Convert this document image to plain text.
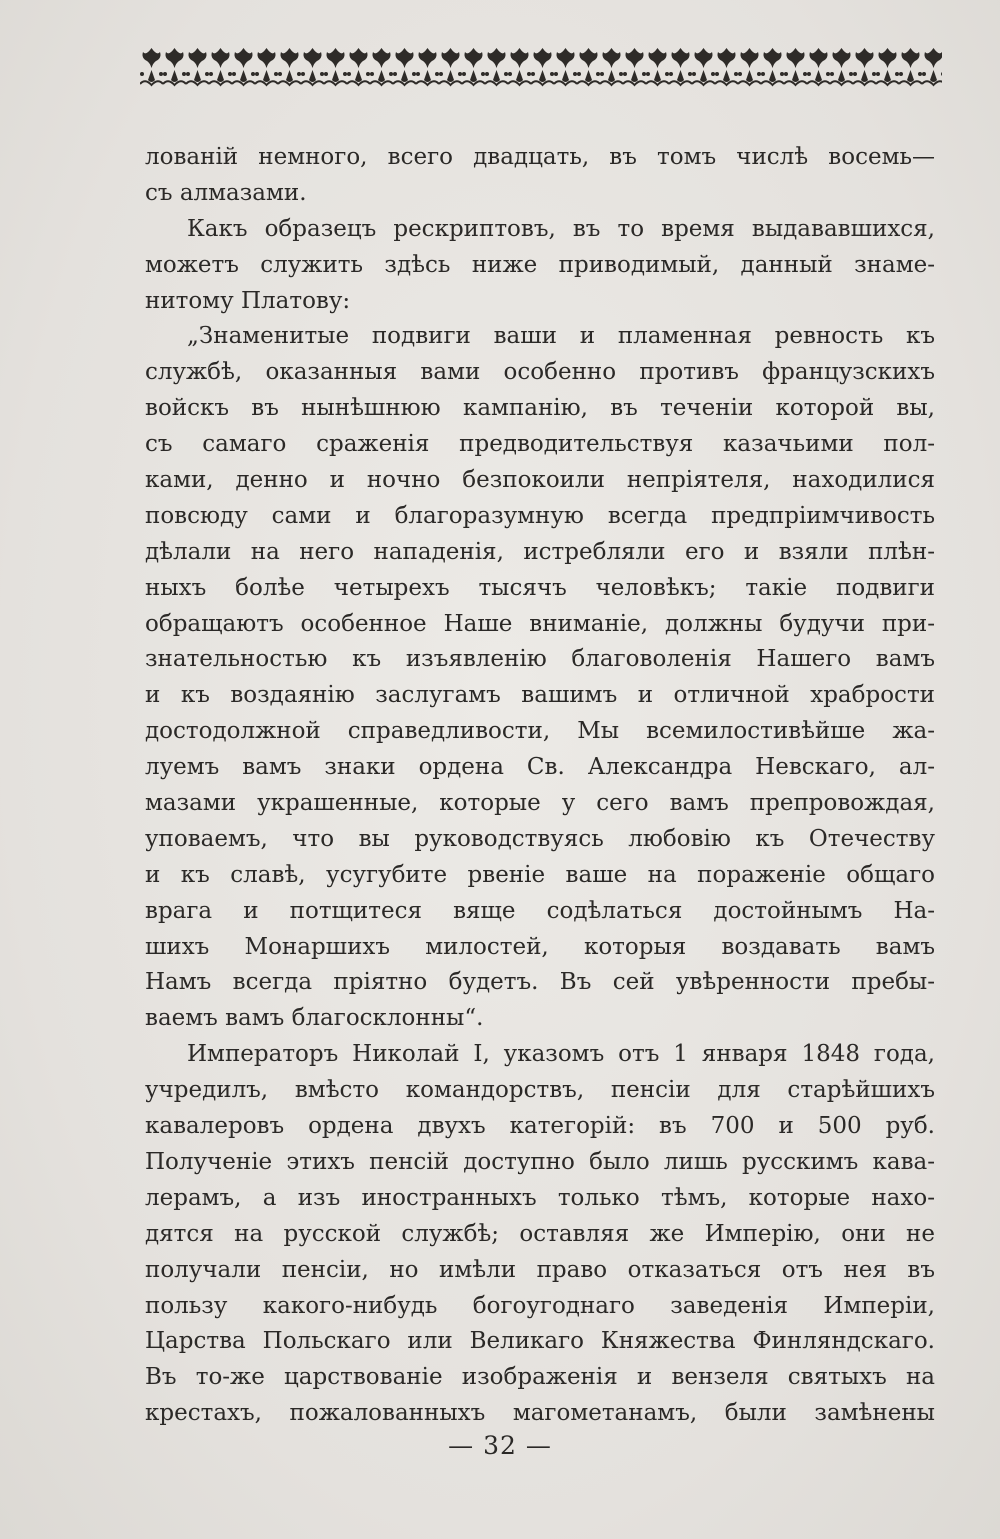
лованій немного, всего двадцать, въ томъ числѣ восемь—
съ алмазами.
Какъ образецъ рескриптовъ, въ то время выдававшихся,
можетъ служить здѣсь ниже приводимый, данный знаме-
нитому Платову:
„Знаменитые подвиги ваши и пламенная ревность къ
службѣ, оказанныя вами особенно противъ французскихъ
войскъ въ нынѣшнюю кампанію, въ теченіи которой вы,
съ самаго сраженія предводительствуя казачьими пол-
ками, денно и ночно безпокоили непріятеля, находилися
повсюду сами и благоразумную всегда предпріимчивость
дѣлали на него нападенія, истребляли его и взяли плѣн-
ныхъ болѣе четырехъ тысячъ человѣкъ; такіе подвиги
обращаютъ особенное Наше вниманіе, должны будучи при-
знательностью къ изъявленію благоволенія Нашего вамъ
и къ воздаянію заслугамъ вашимъ и отличной храбрости
достодолжной справедливости, Мы всемилостивѣйше жа-
луемъ вамъ знаки ордена Св. Александра Невскаго, ал-
мазами украшенные, которые у сего вамъ препровождая,
уповаемъ, что вы руководствуясь любовію къ Отечеству
и къ славѣ, усугубите рвеніе ваше на пораженіе общаго
врага и потщитеся вяще содѣлаться достойнымъ На-
шихъ Монаршихъ милостей, которыя воздавать вамъ
Намъ всегда пріятно будетъ. Въ сей увѣренности пребы-
ваемъ вамъ благосклонны“.
Императоръ Николай I, указомъ отъ 1 января 1848 года,
учредилъ, вмѣсто командорствъ, пенсіи для старѣйшихъ
кавалеровъ ордена двухъ категорій: въ 700 и 500 руб.
Полученіе этихъ пенсій доступно было лишь русскимъ кава-
лерамъ, а изъ иностранныхъ только тѣмъ, которые нахо-
дятся на русской службѣ; оставляя же Имперію, они не
получали пенсіи, но имѣли право отказаться отъ нея въ
пользу какого-нибудь богоугоднаго заведенія Имперіи,
Царства Польскаго или Великаго Княжества Финляндскаго.
Въ то-же царствованіе изображенія и вензеля святыхъ на
крестахъ, пожалованныхъ магометанамъ, были замѣнены
— 32 —
